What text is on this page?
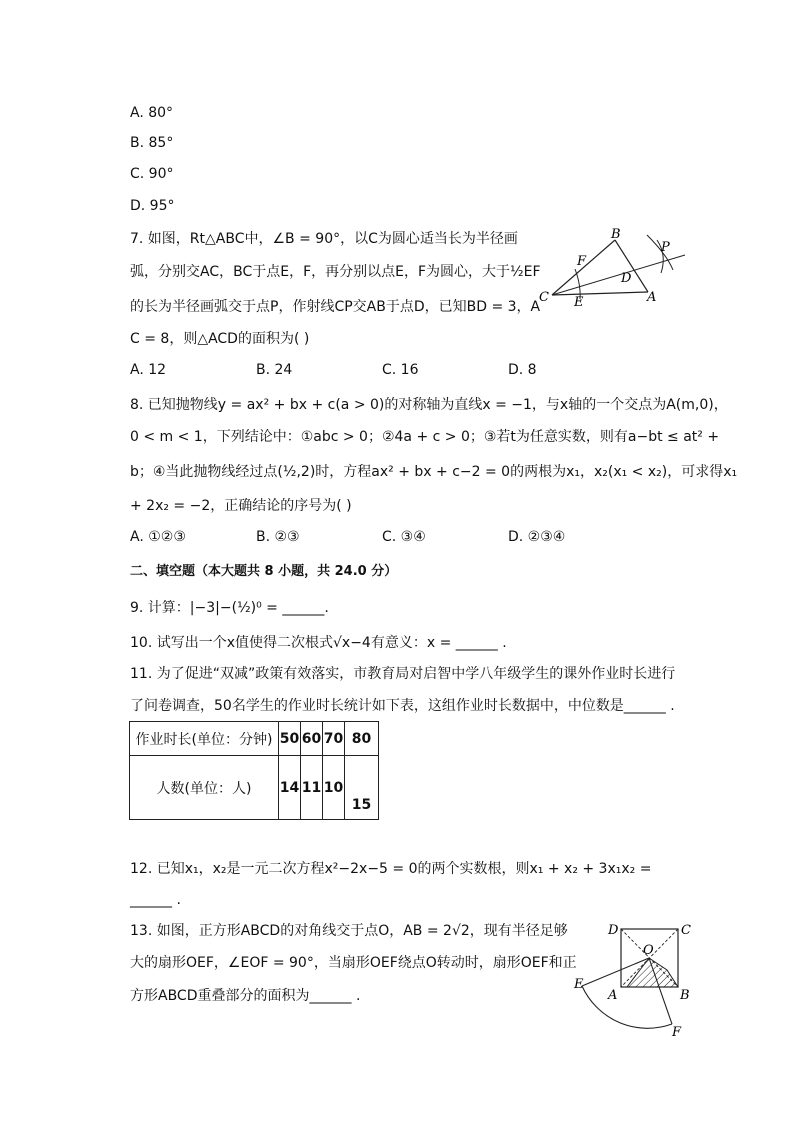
A. 80°
B. 85°
C. 90°
D. 95°
7. 如图，Rt△ABC中，∠B = 90°，以C为圆心适当长为半径画
弧，分别交AC，BC于点E，F，再分别以点E，F为圆心，大于½EF
的长为半径画弧交于点P，作射线CP交AB于点D，已知BD = 3，A
C = 8，则△ACD的面积为( )
B
P
F
D
C E	A
A. 12	B. 24	C. 16	D. 8
8. 已知抛物线y = ax² + bx + c(a > 0)的对称轴为直线x = −1，与x轴的一个交点为A(m,0)，
0 < m < 1，下列结论中：①abc > 0；②4a + c > 0；③若t为任意实数，则有a−bt ≤ at² +
b；④当此抛物线经过点(½,2)时，方程ax² + bx + c−2 = 0的两根为x₁，x₂(x₁ < x₂)，可求得x₁
+ 2x₂ = −2，正确结论的序号为( )
A. ①②③	B. ②③	C. ③④	D. ②③④
二、填空题（本大题共 8 小题，共 24.0 分）
9. 计算：|−3|−(½)⁰ = ______.
10. 试写出一个x值使得二次根式√x−4有意义：x = ______ .
11. 为了促进“双减”政策有效落实，市教育局对启智中学八年级学生的课外作业时长进行
了问卷调查，50名学生的作业时长统计如下表，这组作业时长数据中，中位数是______ .
作业时长(单位：分钟)	50	60	70	80
人数(单位：人)	14	11	10	15
12. 已知x₁，x₂是一元二次方程x²−2x−5 = 0的两个实数根，则x₁ + x₂ + 3x₁x₂ =
______ .
13. 如图，正方形ABCD的对角线交于点O，AB = 2√2，现有半径足够
大的扇形OEF，∠EOF = 90°，当扇形OEF绕点O转动时，扇形OEF和正
方形ABCD重叠部分的面积为______ .
D	C
O
E
A	B
F
